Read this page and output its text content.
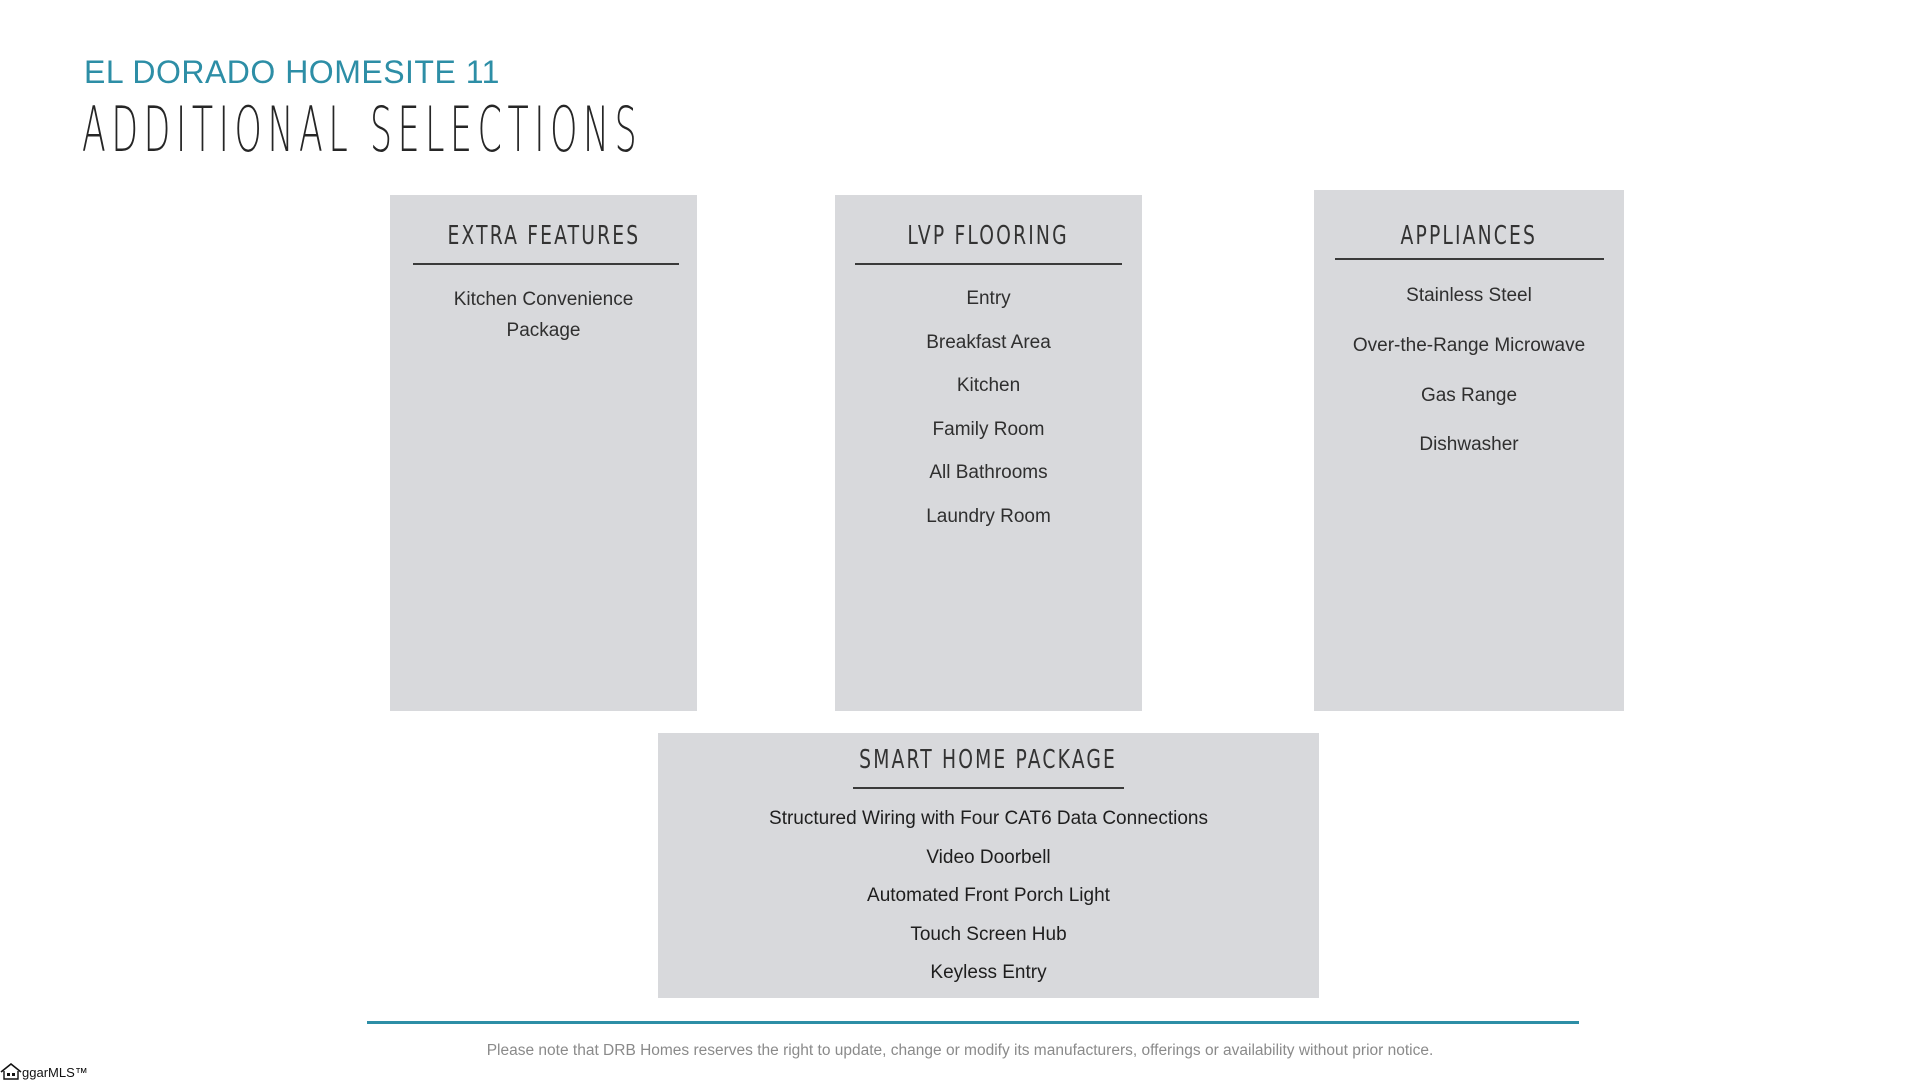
EL DORADO HOMESITE 11
ADDITIONAL SELECTIONS
EXTRA FEATURES
Kitchen Convenience Package
LVP FLOORING
Entry
Breakfast Area
Kitchen
Family Room
All Bathrooms
Laundry Room
APPLIANCES
Stainless Steel
Over-the-Range Microwave
Gas Range
Dishwasher
SMART HOME PACKAGE
Structured Wiring with Four CAT6 Data Connections
Video Doorbell
Automated Front Porch Light
Touch Screen Hub
Keyless Entry
Please note that DRB Homes reserves the right to update, change or modify its manufacturers, offerings or availability without prior notice.
ggarMLS™
